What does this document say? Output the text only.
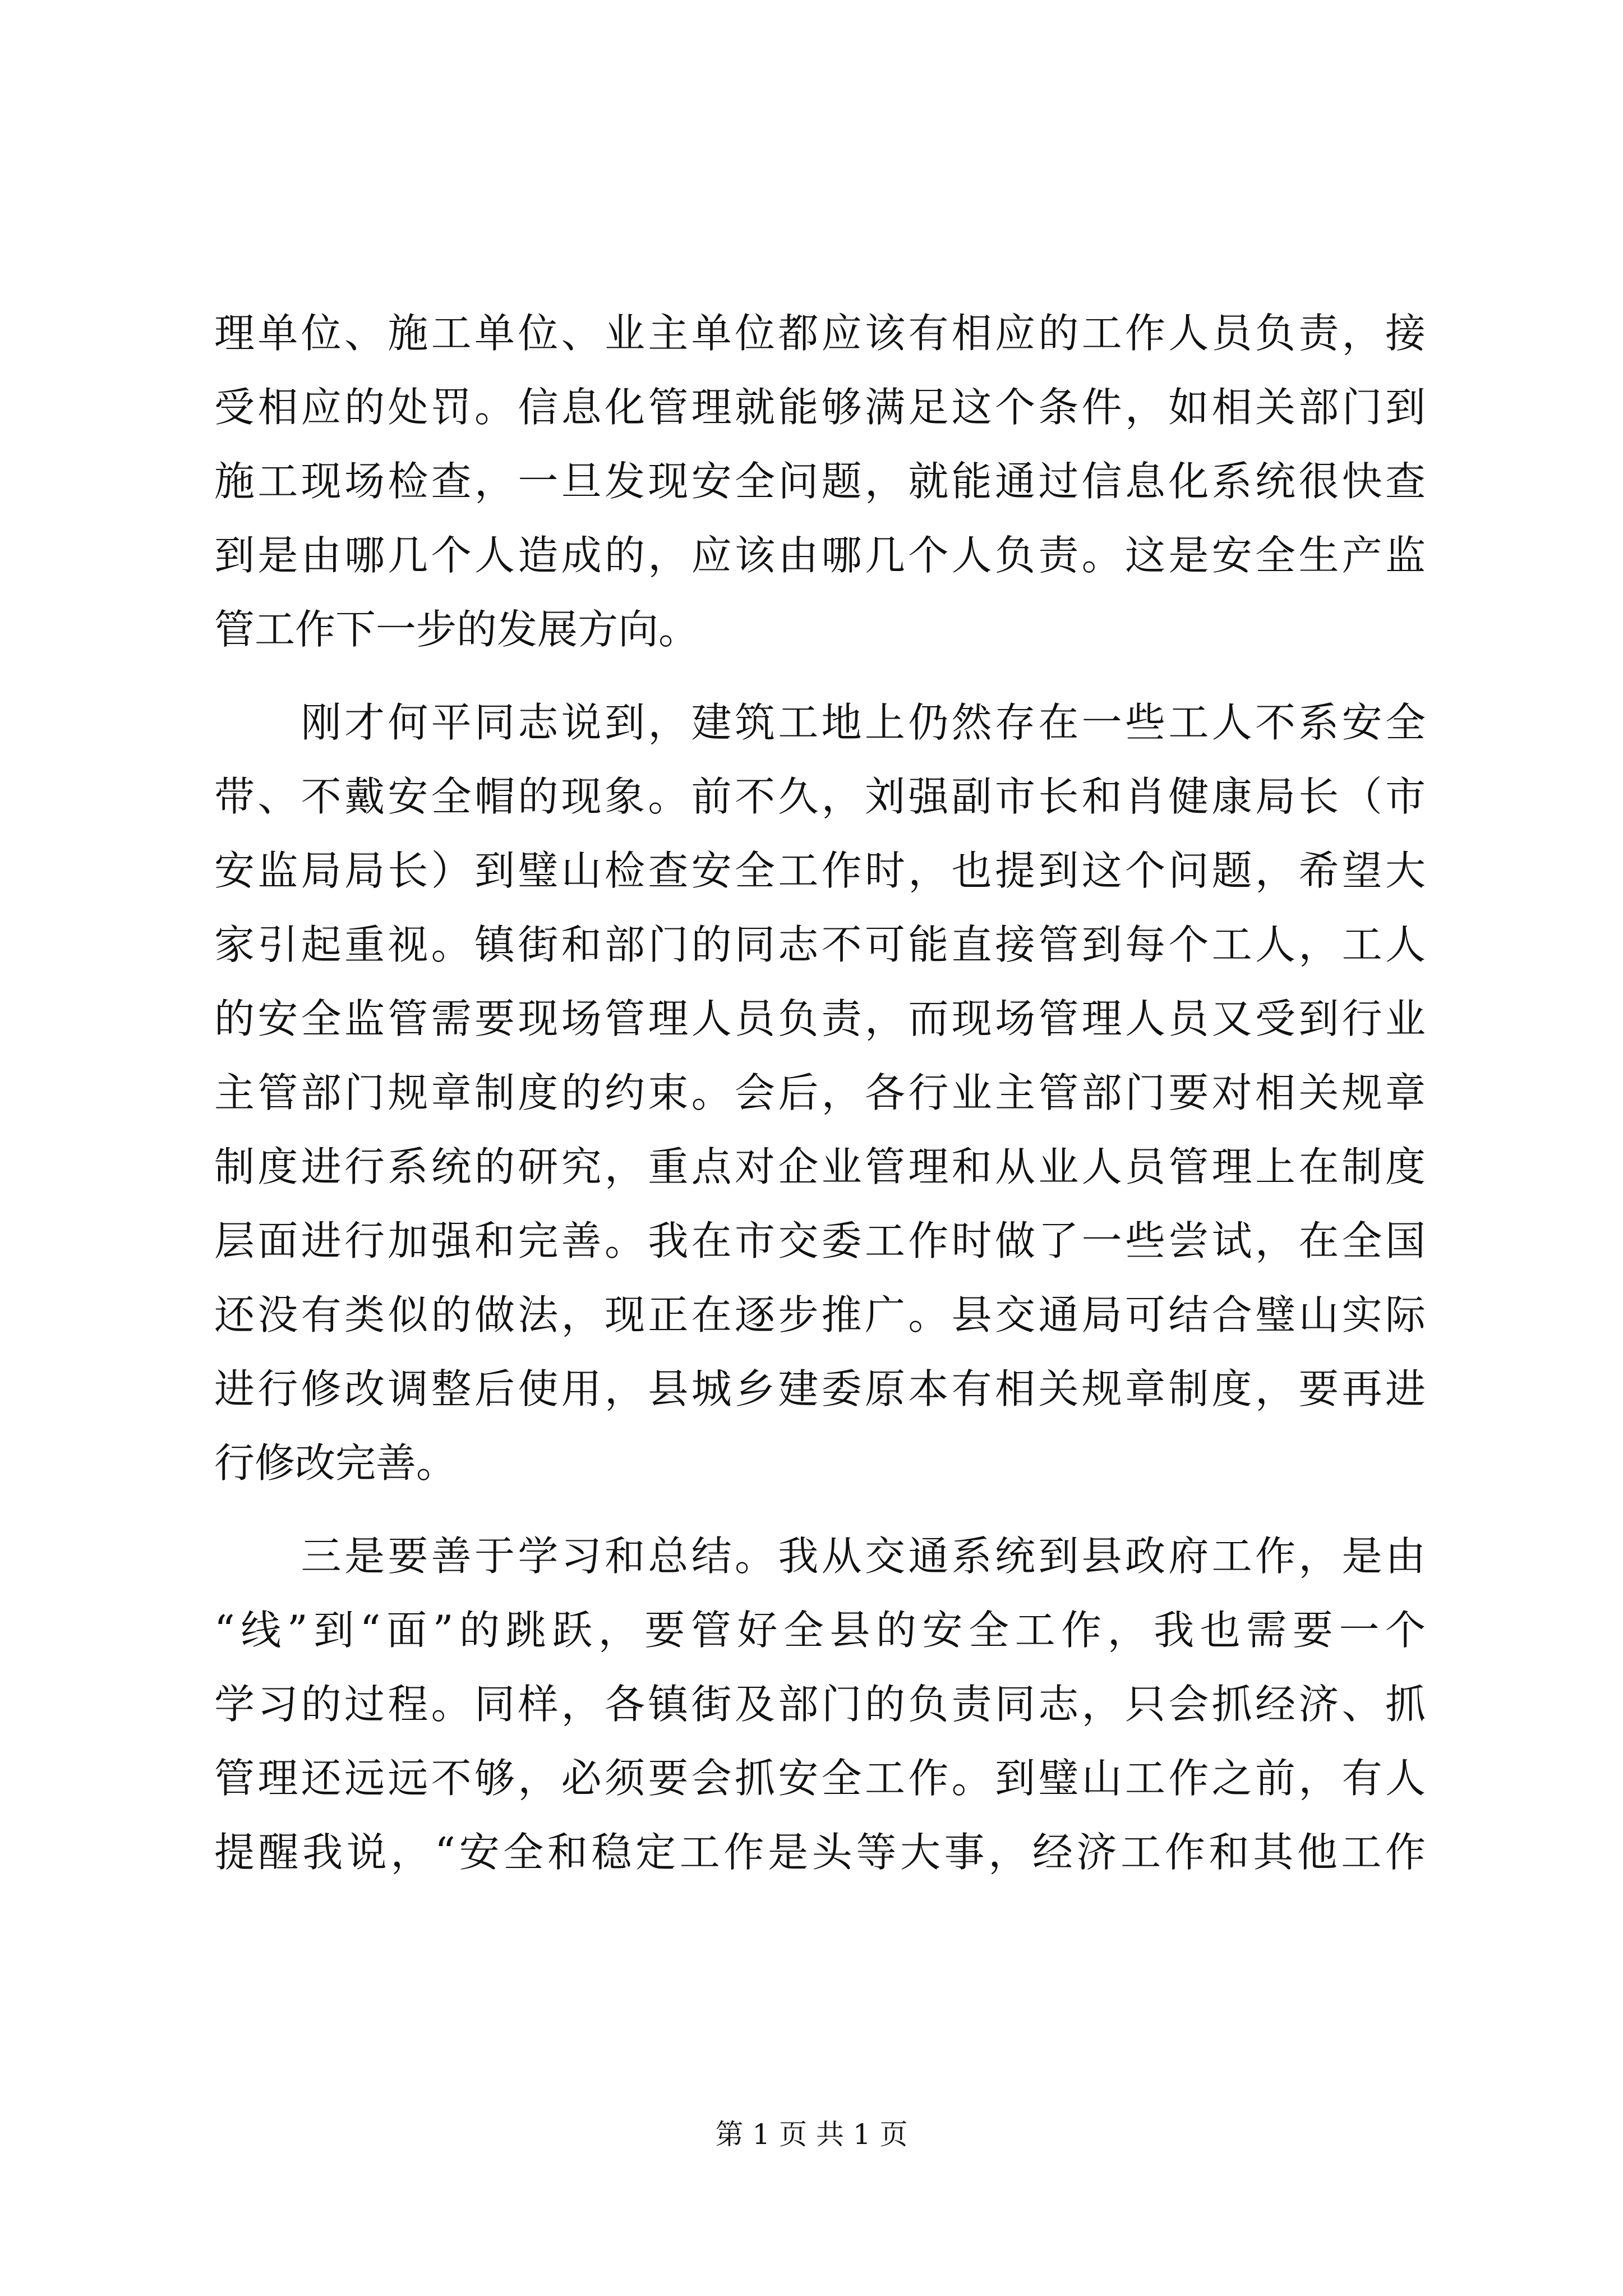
理单位、施工单位、业主单位都应该有相应的工作人员负责，接
受相应的处罚。信息化管理就能够满足这个条件，如相关部门到
施工现场检查，一旦发现安全问题，就能通过信息化系统很快查
到是由哪几个人造成的，应该由哪几个人负责。这是安全生产监
管工作下一步的发展方向。
　　刚才何平同志说到，建筑工地上仍然存在一些工人不系安全
带、不戴安全帽的现象。前不久，刘强副市长和肖健康局长（市
安监局局长）到璧山检查安全工作时，也提到这个问题，希望大
家引起重视。镇街和部门的同志不可能直接管到每个工人，工人
的安全监管需要现场管理人员负责，而现场管理人员又受到行业
主管部门规章制度的约束。会后，各行业主管部门要对相关规章
制度进行系统的研究，重点对企业管理和从业人员管理上在制度
层面进行加强和完善。我在市交委工作时做了一些尝试，在全国
还没有类似的做法，现正在逐步推广。县交通局可结合璧山实际
进行修改调整后使用，县城乡建委原本有相关规章制度，要再进
行修改完善。
　　三是要善于学习和总结。我从交通系统到县政府工作，是由
“线”到“面”的跳跃，要管好全县的安全工作，我也需要一个
学习的过程。同样，各镇街及部门的负责同志，只会抓经济、抓
管理还远远不够，必须要会抓安全工作。到璧山工作之前，有人
提醒我说，“安全和稳定工作是头等大事，经济工作和其他工作
第 1 页 共 1 页
